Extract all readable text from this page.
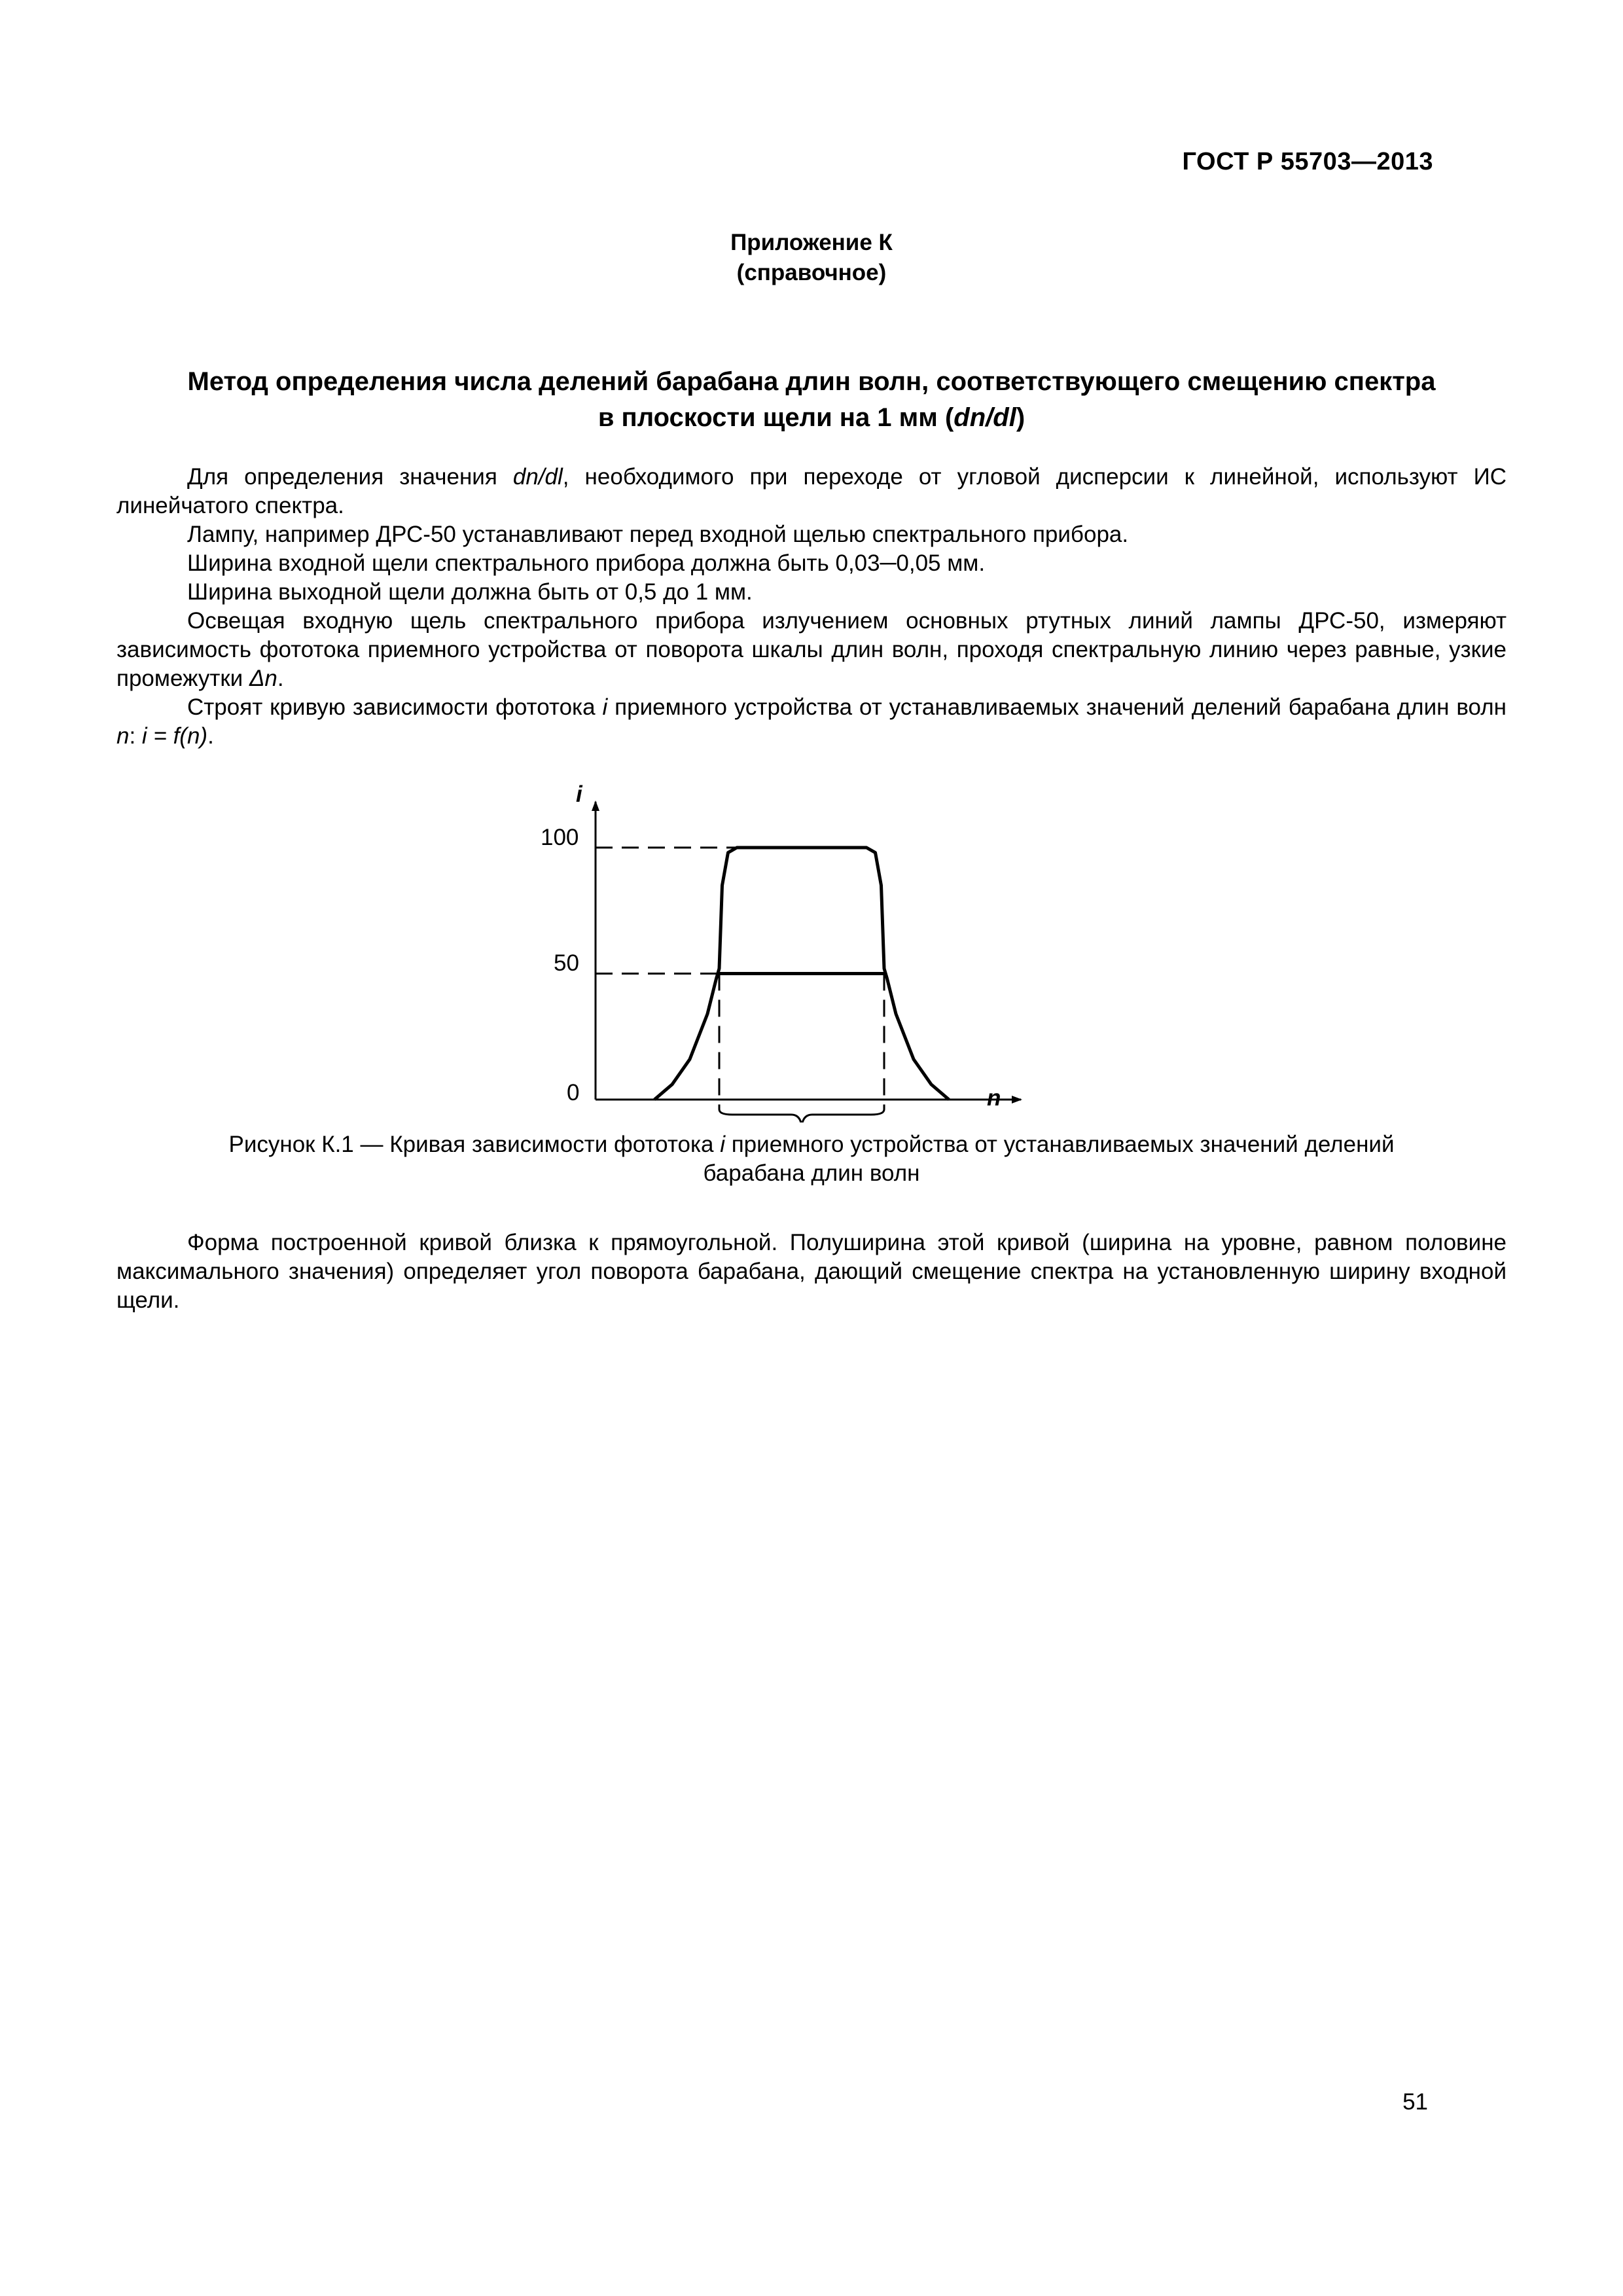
ГОСТ Р 55703—2013
Приложение К
(справочное)
Метод определения числа делений барабана длин волн, соответствующего смещению спектра
в плоскости щели на 1 мм (dn/dl)

Для определения значения dn/dl, необходимого при переходе от угловой дисперсии к линейной, используют ИС линейчатого спектра.

Лампу, например ДРС-50 устанавливают перед входной щелью спектрального прибора.

Ширина входной щели спектрального прибора должна быть 0,03─0,05 мм.

Ширина выходной щели должна быть от 0,5 до 1 мм.

Освещая входную щель спектрального прибора излучением основных ртутных линий лампы ДРС-50, измеряют зависимость фототока приемного устройства от поворота шкалы длин волн, проходя спектральную линию через равные, узкие промежутки Δn.

Строят кривую зависимости фототока i приемного устройства от устанавливаемых значений делений барабана длин волн n: i = f(n).

i
100
50
0	n
Рисунок К.1 — Кривая зависимости фототока i приемного устройства от устанавливаемых значений делений
барабана длин волн

Форма построенной кривой близка к прямоугольной. Полуширина этой кривой (ширина на уровне, равном половине максимального значения) определяет угол поворота барабана, дающий смещение спектра на установленную ширину входной щели.

51
